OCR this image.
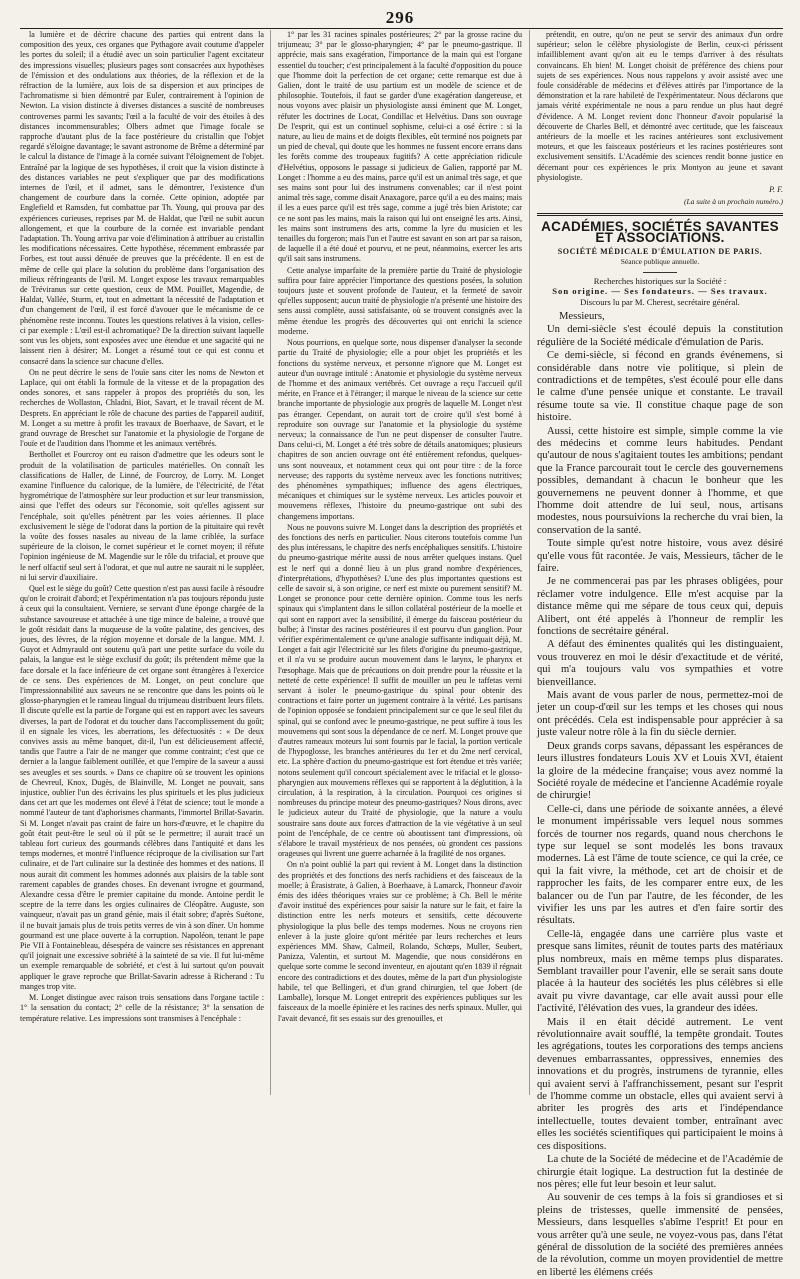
296

la lumière et de décrire chacune des parties qui entrent dans la composition des yeux, ces organes que Pythagore avait coutume d'appeler les portes du soleil; il a étudié avec un soin particulier l'agent excitateur des impressions visuelles; plusieurs pages sont consacrées aux hypothèses de l'émission et des ondulations aux théories, de la réflexion et de la réfraction de la lumière, aux lois de sa dispersion et aux principes de l'achromatisme si bien démontré par Euler, contrairement à l'opinion de Newton. La vision distincte à diverses distances a suscité de nombreuses controverses parmi les savants; l'œil a la faculté de voir des étoiles à des distances incommensurables; Olbers admet que l'image focale se rapproche d'autant plus de la face postérieure du cristallin que l'objet regardé s'éloigne davantage; le savant astronome de Brême a déterminé par le calcul la distance de l'image à la cornée suivant l'éloignement de l'objet. Entraîné par la logique de ses hypothèses, il croit que la vision distincte à des distances variables ne peut s'expliquer que par des modifications internes de l'œil, et il admet, sans le démontrer, l'existence d'un changement de courbure dans la cornée. Cette opinion, adoptée par Englefield et Ramsden, fut combattue par Th. Young, qui prouva par des expériences curieuses, reprises par M. de Haldat, que l'œil ne subit aucun allongement, et que la courbure de la cornée est invariable pendant l'adaptation. Th. Young arriva par voie d'élimination à attribuer au cristallin les modifications nécessaires. Cette hypothèse, récemment embrassée par Forbes, est tout aussi dénuée de preuves que la précédente. Il en est de même de celle qui place la solution du problème dans l'organisation des milieux réfringeants de l'œil. M. Longet expose les travaux remarquables de Tréviranus sur cette question, ceux de MM. Pouillet, Magendie, de Haldat, Vallée, Sturm, et, tout en admettant la nécessité de l'adaptation et d'un changement de l'œil, il est forcé d'avouer que le mécanisme de ce phénomène reste inconnu. Toutes les questions relatives à la vision, celles-ci par exemple : L'œil est-il achromatique? De la direction suivant laquelle sont vus les objets, sont exposées avec une étendue et une sagacité qui ne laissent rien à désirer; M. Longet a résumé tout ce qui est connu et consacré dans la science sur chacune d'elles.

On ne peut décrire le sens de l'ouïe sans citer les noms de Newton et Laplace, qui ont établi la formule de la vitesse et de la propagation des ondes sonores, et sans rappeler à propos des propriétés du son, les recherches de Wollaston, Chladni, Biot, Savart, et le travail récent de M. Desprets. En appréciant le rôle de chacune des parties de l'appareil auditif, M. Longet a su mettre à profit les travaux de Boerhaave, de Savart, et le grand ouvrage de Breschet sur l'anatomie et la physiologie de l'organe de l'ouïe et de l'audition dans l'homme et les animaux vertébrés.

Berthollet et Fourcroy ont eu raison d'admettre que les odeurs sont le produit de la volatilisation de particules matérielles. On connaît les classifications de Haller, de Linné, de Fourcroy, de Lorry. M. Longet examine l'influence du calorique, de la lumière, de l'électricité, de l'état hygrométrique de l'atmosphère sur leur production et sur leur transmission, ainsi que l'effet des odeurs sur l'économie, soit qu'elles agissent sur l'encéphale, soit qu'elles pénètrent par les voies aériennes. Il place exclusivement le siège de l'odorat dans la portion de la pituitaire qui revêt la voûte des fosses nasales au niveau de la lame criblée, la surface supérieure de la cloison, le cornet supérieur et le cornet moyen; il réfute l'opinion ingénieuse de M. Magendie sur le rôle du trifacial, et prouve que le nerf olfactif seul sert à l'odorat, et que nul autre ne saurait ni le suppléer, ni lui servir d'auxiliaire.

Quel est le siège du goût? Cette question n'est pas aussi facile à résoudre qu'on le croirait d'abord; et l'expérimentation n'a pas toujours répondu juste à ceux qui la consultaient. Verniere, se servant d'une éponge chargée de la substance savoureuse et attachée à une tige mince de baleine, a trouvé que le goût résidait dans la muqueuse de la voûte palatine, des gencives, des joues, des lèvres, de la région moyenne et dorsale de la langue. MM. J. Guyot et Admyrauld ont soutenu qu'à part une petite surface du voile du palais, la langue est le siège exclusif du goût; ils prétendent même que la face dorsale et la face inférieure de cet organe sont étrangères à l'exercice de ce sens. Des expériences de M. Longet, on peut conclure que l'impressionnabilité aux saveurs ne se rencontre que dans les points où le glosso-pharyngien et le rameau lingual du trijumeau distribuent leurs filets. Il discute qu'elle est la partie de l'organe qui est en rapport avec les saveurs diverses, la part de l'odorat et du toucher dans l'accomplissement du goût; il en signale les vices, les aberrations, les défectuosités : « De deux convives assis au même banquet, dit-il, l'un est délicieusement affecté, tandis que l'autre a l'air de ne manger que comme contraint; c'est que ce dernier a la langue faiblement outillée, et que l'empire de la saveur a aussi ses aveugles et ses sourds. » Dans ce chapitre où se trouvent les opinions de Chevreul, Knox, Dugès, de Blainville, M. Longet ne pouvait, sans injustice, oublier l'un des écrivains les plus spirituels et les plus judicieux dans cet art que les modernes ont élevé à l'état de science; tout le monde a nommé l'auteur de tant d'aphorismes charmants, l'immortel Brillat-Savarin. Si M. Longet n'avait pas craint de faire un hors-d'œuvre, et le chapitre du goût était peut-être le seul où il pût se le permettre; il aurait tracé un tableau fort curieux des gourmands célèbres dans l'antiquité et dans les temps modernes, et montré l'influence réciproque de la civilisation sur l'art culinaire, et de l'art culinaire sur la destinée des hommes et des nations. Il nous aurait dit comment les hommes adonnés aux plaisirs de la table sont rarement capables de grandes choses. En devenant ivrogne et gourmand, Alexandre cessa d'être le premier capitaine du monde. Antoine perdit le sceptre de la terre dans les orgies culinaires de Cléopâtre. Auguste, son vainqueur, n'avait pas un grand génie, mais il était sobre; d'après Suétone, il ne buvait jamais plus de trois petits verres de vin à son dîner. Un homme gourmand est une place ouverte à la corruption. Napoléon, tenant le pape Pie VII à Fontainebleau, désespéra de vaincre ses résistances en apprenant qu'il joignait une excessive sobriété à la sainteté de sa vie. Il fut lui-même un exemple remarquable de sobriété, et c'est à lui surtout qu'on pouvait appliquer le grave reproche que Brillat-Savarin adresse à Richerand : Tu manges trop vite.

M. Longet distingue avec raison trois sensations dans l'organe tactile : 1° la sensation du contact; 2° celle de la résistance; 3° la sensation de température relative. Les impressions sont transmises à l'encéphale :

1° par les 31 racines spinales postérieures; 2° par la grosse racine du trijumeau; 3° par le glosso-pharyngien; 4° par le pneumo-gastrique. Il apprécie, mais sans exagération, l'importance de la main qui est l'organe essentiel du toucher; c'est principalement à la faculté d'opposition du pouce que l'homme doit la perfection de cet organe; cette remarque est due à Galien, dont le traité de usu partium est un modèle de science et de philosophie. Toutefois, il faut se garder d'une exagération dangereuse, et nous voyons avec plaisir un physiologiste aussi éminent que M. Longet, réfuter les doctrines de Locat, Condillac et Helvétius. Dans son ouvrage De l'esprit, qui est un continuel sophisme, celui-ci a osé écrire : si la nature, au lieu de mains et de doigts flexibles, eût terminé nos poignets par un pied de cheval, qui doute que les hommes ne fussent encore errans dans les forêts comme des troupeaux fugitifs? A cette appréciation ridicule d'Helvétius, opposons le passage si judicieux de Galien, rapporté par M. Longet : l'homme a eu des mains, parce qu'il est un animal très sage, et que ses mains sont pour lui des instrumens convenables; car il n'est point animal très sage, comme disait Anaxagore, parce qu'il a eu des mains; mais il les a eues parce qu'il est très sage, comme a jugé très bien Aristote; car ce ne sont pas les mains, mais la raison qui lui ont enseigné les arts. Ainsi, les mains sont instrumens des arts, comme la lyre du musicien et les tenailles du forgeron; mais l'un et l'autre est savant en son art par sa raison, de laquelle il a été doué et pourvu, et ne peut, néanmoins, exercer les arts qu'il sait sans instrumens.

Cette analyse imparfaite de la première partie du Traité de physiologie suffira pour faire apprécier l'importance des questions posées, la solution toujours juste et souvent profonde de l'auteur, et la fermeté de savoir qu'elles supposent; aucun traité de physiologie n'a présenté une histoire des sens aussi complète, aussi satisfaisante, où se trouvent consignés avec la même étendue les progrès des découvertes qui ont enrichi la science moderne.

Nous pourrions, en quelque sorte, nous dispenser d'analyser la seconde partie du Traité de physiologie; elle a pour objet les propriétés et les fonctions du système nerveux, et personne n'ignore que M. Longet est auteur d'un ouvrage intitulé : Anatomie et physiologie du système nerveux de l'homme et des animaux vertébrés. Cet ouvrage a reçu l'accueil qu'il mérite, en France et à l'étranger; il marque le niveau de la science sur cette branche importante de physiologie aux progrès de laquelle M. Longet n'est pas étranger. Cependant, on aurait tort de croire qu'il s'est borné à reproduire son ouvrage sur l'anatomie et la physiologie du système nerveux; la connaissance de l'un ne peut dispenser de consulter l'autre. Dans celui-ci, M. Longet a été très sobre de détails anatomiques; plusieurs chapitres de son ancien ouvrage ont été entièrement refondus, quelques-uns sont nouveaux, et notamment ceux qui ont pour titre : de la force nerveuse; des rapports du système nerveux avec les fonctions nutritives; des phénomènes sympathiques; influence des agens électriques, mécaniques et chimiques sur le système nerveux. Les articles pouvoir et mouvemens réflexes, l'histoire du pneumo-gastrique ont subi des changemens importans.

Nous ne pouvons suivre M. Longet dans la description des propriétés et des fonctions des nerfs en particulier. Nous citerons toutefois comme l'un des plus intéressans, le chapitre des nerfs encéphaliques sensitifs. L'histoire du pneumo-gastrique mérite aussi de nous arrêter quelques instans. Quel est le nerf qui a donné lieu à un plus grand nombre d'expériences, d'interprétations, d'hypothèses? L'une des plus importantes questions est celle de savoir si, à son origine, ce nerf est mixte ou purement sensitif? M. Longet se prononce pour cette dernière opinion. Comme tous les nerfs spinaux qui s'implantent dans le sillon collatéral postérieur de la moelle et qui sont en rapport avec la sensibilité, il émerge du faisceau postérieur du bulbe; à l'instar des racines postérieures il est pourvu d'un ganglion. Pour vérifier expérimentalement ce qu'une analogie suffisante indiquait déjà, M. Longet a fait agir l'électricité sur les filets d'origine du pneumo-gastrique, et il n'a vu se produire aucun mouvement dans le larynx, le pharynx et l'œsophage. Mais que de précautions on doit prendre pour la réussite et la netteté de cette expérience! Il suffit de mouiller un peu le taffetas verni servant à isoler le pneumo-gastrique du spinal pour obtenir des contractions et faire porter un jugement contraire à la vérité. Les partisans de l'opinion opposée se fondaient principalement sur ce que le seul filet du spinal, qui se confond avec le pneumo-gastrique, ne peut suffire à tous les mouvemens qui sont sous la dépendance de ce nerf. M. Longet prouve que d'autres rameaux moteurs lui sont fournis par le facial, la portion verticale de l'hypoglosse, les branches antérieures du 1er et du 2me nerf cervical, etc. La sphère d'action du pneumo-gastrique est fort étendue et très variée; notons seulement qu'il concourt spécialement avec le trifacial et le glosso-pharyngien aux mouvemens réflexes qui se rapportent à la déglutition, à la circulation, à la respiration, à la circulation. Pourquoi ces origines si nombreuses du principe moteur des pneumo-gastriques? Nous dirons, avec le judicieux auteur du Traité de physiologie, que la nature a voulu soustraire sans doute aux forces d'attraction de la vie végétative à un seul point de l'encéphale, de ce centre où aboutissent tant d'impressions, où s'élabore le travail mystérieux de nos pensées, où grondent ces passions orageuses qui livrent une guerre acharnée à la fragilité de nos organes.

On n'a point oublié la part qui revient à M. Longet dans la distinction des propriétés et des fonctions des nerfs rachidiens et des faisceaux de la moelle; à Érasistrate, à Galien, à Boerhaave, à Lamarck, l'honneur d'avoir émis des idées théoriques vraies sur ce problème; à Ch. Bell le mérite d'avoir institué des expériences pour saisir la nature sur le fait, et faire la distinction entre les nerfs moteurs et sensitifs, cette découverte physiologique la plus belle des temps modernes. Nous ne croyons rien enlever à la juste gloire qu'ont méritée par leurs recherches et leurs expériences MM. Shaw, Calmeil, Rolando, Schœps, Muller, Seubert, Panizza, Valentin, et surtout M. Magendie, que nous considérons en quelque sorte comme le second inventeur, en ajoutant qu'en 1839 il régnait encore des contradictions et des doutes, même de la part d'un physiologiste habile, tel que Bellingeri, et d'un grand chirurgien, tel que Jobert (de Lamballe), lorsque M. Longet entreprit des expériences publiques sur les faisceaux de la moelle épinière et les racines des nerfs spinaux. Muller, qui l'avait devancé, fit ses essais sur des grenouilles, et

prétendit, en outre, qu'on ne peut se servir des animaux d'un ordre supérieur; selon le célèbre physiologiste de Berlin, ceux-ci périssent infailliblement avant qu'on ait eu le temps d'arriver à des résultats convaincans. Eh bien! M. Longet choisit de préférence des chiens pour sujets de ses expériences. Nous nous rappelons y avoir assisté avec une foule considérable de médecins et d'élèves attirés par l'importance de la démonstration et la rare habileté de l'expérimentateur. Nous déclarons que jamais vérité expérimentale ne nous a paru rendue un plus haut degré d'évidence. A M. Longet revient donc l'honneur d'avoir popularisé la découverte de Charles Bell, et démontré avec certitude, que les faisceaux antérieurs de la moelle et les racines antérieures sont exclusivement moteurs, et que les faisceaux postérieurs et les racines postérieures sont exclusivement sensitifs. L'Académie des sciences rendit bonne justice en décernant pour ces expériences le prix Montyon au jeune et savant physiologiste.

P. F.
(La suite à un prochain numéro.)
ACADÉMIES, SOCIÉTÉS SAVANTES ET ASSOCIATIONS.
SOCIÉTÉ MÉDICALE D'ÉMULATION DE PARIS.
Séance publique annuelle.
Recherches historiques sur la Société :
Son origine. — Ses fondateurs. — Ses travaux.
Discours lu par M. Cherest, secrétaire général.

Messieurs,

Un demi-siècle s'est écoulé depuis la constitution régulière de la Société médicale d'émulation de Paris.

Ce demi-siècle, si fécond en grands événemens, si considérable dans notre vie politique, si plein de contradictions et de tempêtes, s'est écoulé pour elle dans le calme d'une pensée unique et constante. Le travail résume toute sa vie. Il constitue chaque page de son histoire.

Aussi, cette histoire est simple, simple comme la vie des médecins et comme leurs habitudes. Pendant qu'autour de nous s'agitaient toutes les ambitions; pendant que la France parcourait tout le cercle des gouvernemens possibles, demandant à chacun le bonheur que les gouvernemens ne peuvent donner à l'homme, et que l'homme doit attendre de lui seul, nous, artisans modestes, nous poursuivions la recherche du vrai bien, la conservation de la santé.

Toute simple qu'est notre histoire, vous avez désiré qu'elle vous fût racontée. Je vais, Messieurs, tâcher de le faire.

Je ne commencerai pas par les phrases obligées, pour réclamer votre indulgence. Elle m'est acquise par la distance même qui me sépare de tous ceux qui, depuis Alibert, ont été appelés à l'honneur de remplir les fonctions de secrétaire général.

A défaut des éminentes qualités qui les distinguaient, vous trouverez en moi le désir d'exactitude et de vérité, qui m'a toujours valu vos sympathies et votre bienveillance.

Mais avant de vous parler de nous, permettez-moi de jeter un coup-d'œil sur les temps et les choses qui nous ont précédés. Cela est indispensable pour apprécier à sa juste valeur notre rôle à la fin du siècle dernier.

Deux grands corps savans, dépassant les espérances de leurs illustres fondateurs Louis XV et Louis XVI, étaient la gloire de la médecine française; vous avez nommé la Société royale de médecine et l'ancienne Académie royale de chirurgie!

Celle-ci, dans une période de soixante années, a élevé le monument impérissable vers lequel nous sommes forcés de tourner nos regards, quand nous cherchons le type sur lequel se sont modelés les bons travaux modernes. Là est l'âme de toute science, ce qui la crée, ce qui la fait vivre, la méthode, cet art de choisir et de rapprocher les faits, de les comparer entre eux, de les balancer ou de l'un par l'autre, de les féconder, de les vivifier les uns par les autres et d'en faire sortir des résultats.

Celle-là, engagée dans une carrière plus vaste et presque sans limites, réunit de toutes parts des matériaux plus nombreux, mais en même temps plus disparates. Semblant travailler pour l'avenir, elle se serait sans doute placée à la hauteur des sociétés les plus célèbres si elle avait pu vivre davantage, car elle avait aussi pour elle l'activité, l'élévation des vues, la grandeur des idées.

Mais il en était décidé autrement. Le vent révolutionnaire avait soufflé, la tempête grondait. Toutes les agrégations, toutes les corporations des temps anciens devenues embarrassantes, oppressives, ennemies des innovations et du progrès, instrumens de tyrannie, elles qui avaient servi à l'affranchissement, pesant sur l'esprit de l'homme comme un obstacle, elles qui avaient servi à abriter les progrès des arts et l'indépendance intellectuelle, toutes devaient tomber, entraînant avec elles les sociétés scientifiques qui participaient le moins à ces dispositions.

La chute de la Société de médecine et de l'Académie de chirurgie était logique. La destruction fut la destinée de nos pères; elle fut leur besoin et leur salut.

Au souvenir de ces temps à la fois si grandioses et si pleins de tristesses, quelle immensité de pensées, Messieurs, dans lesquelles s'abîme l'esprit! Et pour en vous arrêter qu'à une seule, ne voyez-vous pas, dans l'état général de dissolution de la société des premières années de la révolution, comme un moyen providentiel de mettre en liberté les élémens créés
